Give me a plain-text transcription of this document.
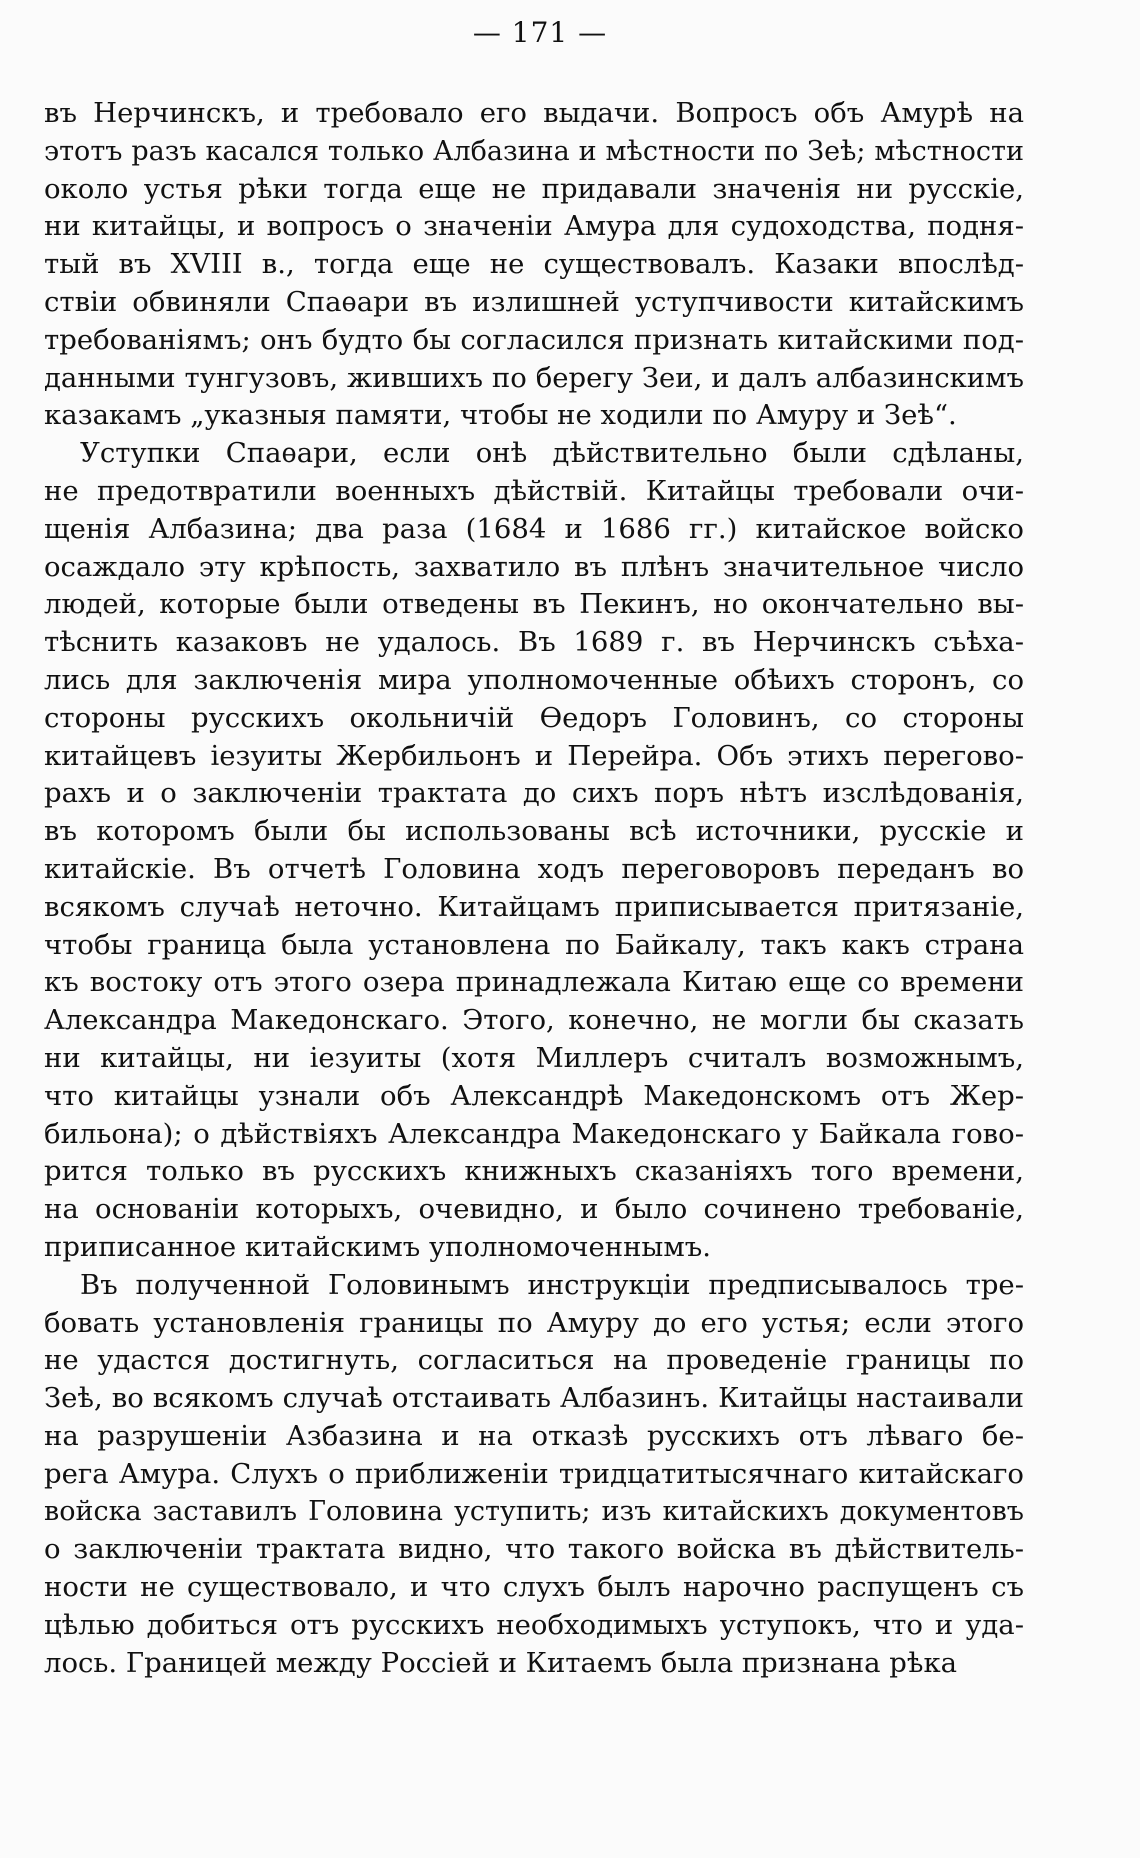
— 171 —

въ Нерчинскъ, и требовало его выдачи. Вопросъ объ Амурѣ на
этотъ разъ касался только Албазина и мѣстности по Зеѣ; мѣстности
около устья рѣки тогда еще не придавали значенія ни русскіе,
ни китайцы, и вопросъ о значеніи Амура для судоходства, подня-
тый въ XVIII в., тогда еще не существовалъ. Казаки впослѣд-
ствіи обвиняли Спаѳари въ излишней уступчивости китайскимъ
требованіямъ; онъ будто бы согласился признать китайскими под-
данными тунгузовъ, жившихъ по берегу Зеи, и далъ албазинскимъ
казакамъ „указныя памяти, чтобы не ходили по Амуру и Зеѣ“.

Уступки Спаѳари, если онѣ дѣйствительно были сдѣланы,
не предотвратили военныхъ дѣйствій. Китайцы требовали очи-
щенія Албазина; два раза (1684 и 1686 гг.) китайское войско
осаждало эту крѣпость, захватило въ плѣнъ значительное число
людей, которые были отведены въ Пекинъ, но окончательно вы-
тѣснить казаковъ не удалось. Въ 1689 г. въ Нерчинскъ съѣха-
лись для заключенія мира уполномоченные обѣихъ сторонъ, со
стороны русскихъ окольничій Ѳедоръ Головинъ, со стороны
китайцевъ іезуиты Жербильонъ и Перейра. Объ этихъ перегово-
рахъ и о заключеніи трактата до сихъ поръ нѣтъ изслѣдованія,
въ которомъ были бы использованы всѣ источники, русскіе и
китайскіе. Въ отчетѣ Головина ходъ переговоровъ переданъ во
всякомъ случаѣ неточно. Китайцамъ приписывается притязаніе,
чтобы граница была установлена по Байкалу, такъ какъ страна
къ востоку отъ этого озера принадлежала Китаю еще со времени
Александра Македонскаго. Этого, конечно, не могли бы сказать
ни китайцы, ни іезуиты (хотя Миллеръ считалъ возможнымъ,
что китайцы узнали объ Александрѣ Македонскомъ отъ Жер-
бильона); о дѣйствіяхъ Александра Македонскаго у Байкала гово-
рится только въ русскихъ книжныхъ сказаніяхъ того времени,
на основаніи которыхъ, очевидно, и было сочинено требованіе,
приписанное китайскимъ уполномоченнымъ.

Въ полученной Головинымъ инструкціи предписывалось тре-
бовать установленія границы по Амуру до его устья; если этого
не удастся достигнуть, согласиться на проведеніе границы по
Зеѣ, во всякомъ случаѣ отстаивать Албазинъ. Китайцы настаивали
на разрушеніи Азбазина и на отказѣ русскихъ отъ лѣваго бе-
рега Амура. Слухъ о приближеніи тридцатитысячнаго китайскаго
войска заставилъ Головина уступить; изъ китайскихъ документовъ
о заключеніи трактата видно, что такого войска въ дѣйствитель-
ности не существовало, и что слухъ былъ нарочно распущенъ съ
цѣлью добиться отъ русскихъ необходимыхъ уступокъ, что и уда-
лось. Границей между Россіей и Китаемъ была признана рѣка
